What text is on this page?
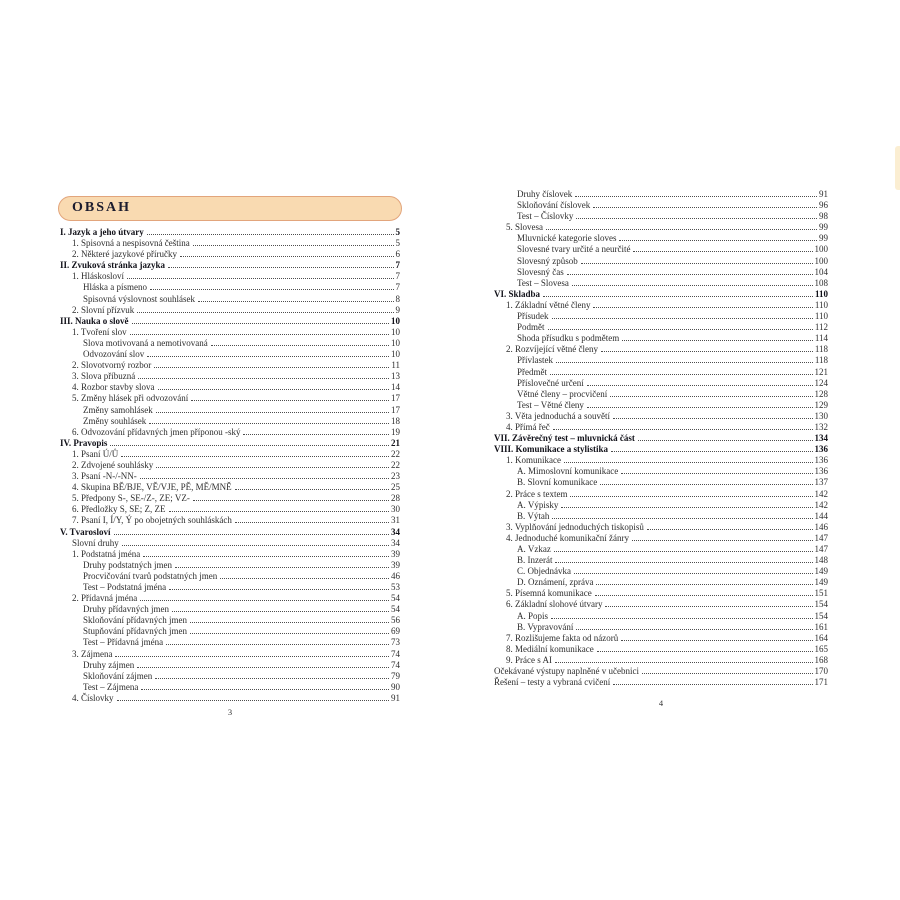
OBSAH
I. Jazyk a jeho útvary	5
1. Spisovná a nespisovná čeština	5
2. Některé jazykové příručky	6
II. Zvuková stránka jazyka	7
1. Hláskosloví	7
Hláska a písmeno	7
Spisovná výslovnost souhlásek	8
2. Slovní přízvuk	9
III. Nauka o slově	10
1. Tvoření slov	10
Slova motivovaná a nemotivovaná	10
Odvozování slov	10
2. Slovotvorný rozbor	11
3. Slova příbuzná	13
4. Rozbor stavby slova	14
5. Změny hlásek při odvozování	17
Změny samohlásek	17
Změny souhlásek	18
6. Odvozování přídavných jmen příponou -ský	19
IV. Pravopis	21
1. Psaní Ú/Ů	22
2. Zdvojené souhlásky	22
3. Psaní -N-/-NN-	23
4. Skupina BĚ/BJE, VĚ/VJE, PĚ, MĚ/MNĚ	25
5. Předpony S-, SE-/Z-, ZE; VZ-	28
6. Předložky S, SE; Z, ZE	30
7. Psaní I, Í/Y, Ý po obojetných souhláskách	31
V. Tvarosloví	34
Slovní druhy	34
1. Podstatná jména	39
Druhy podstatných jmen	39
Procvičování tvarů podstatných jmen	46
Test – Podstatná jména	53
2. Přídavná jména	54
Druhy přídavných jmen	54
Skloňování přídavných jmen	56
Stupňování přídavných jmen	69
Test – Přídavná jména	73
3. Zájmena	74
Druhy zájmen	74
Skloňování zájmen	79
Test – Zájmena	90
4. Číslovky	91
Druhy číslovek	91
Skloňování číslovek	96
Test – Číslovky	98
5. Slovesa	99
Mluvnické kategorie sloves	99
Slovesné tvary určité a neurčité	100
Slovesný způsob	100
Slovesný čas	104
Test – Slovesa	108
VI. Skladba	110
1. Základní větné členy	110
Přísudek	110
Podmět	112
Shoda přísudku s podmětem	114
2. Rozvíjející větné členy	118
Přívlastek	118
Předmět	121
Příslovečné určení	124
Větné členy – procvičení	128
Test – Větné členy	129
3. Věta jednoduchá a souvětí	130
4. Přímá řeč	132
VII. Závěrečný test – mluvnická část	134
VIII. Komunikace a stylistika	136
1. Komunikace	136
A. Mimoslovní komunikace	136
B. Slovní komunikace	137
2. Práce s textem	142
A. Výpisky	142
B. Výtah	144
3. Vyplňování jednoduchých tiskopisů	146
4. Jednoduché komunikační žánry	147
A. Vzkaz	147
B. Inzerát	148
C. Objednávka	149
D. Oznámení, zpráva	149
5. Písemná komunikace	151
6. Základní slohové útvary	154
A. Popis	154
B. Vypravování	161
7. Rozlišujeme fakta od názorů	164
8. Mediální komunikace	165
9. Práce s AI	168
Očekávané výstupy naplněné v učebnici	170
Řešení – testy a vybraná cvičení	171
3
4
